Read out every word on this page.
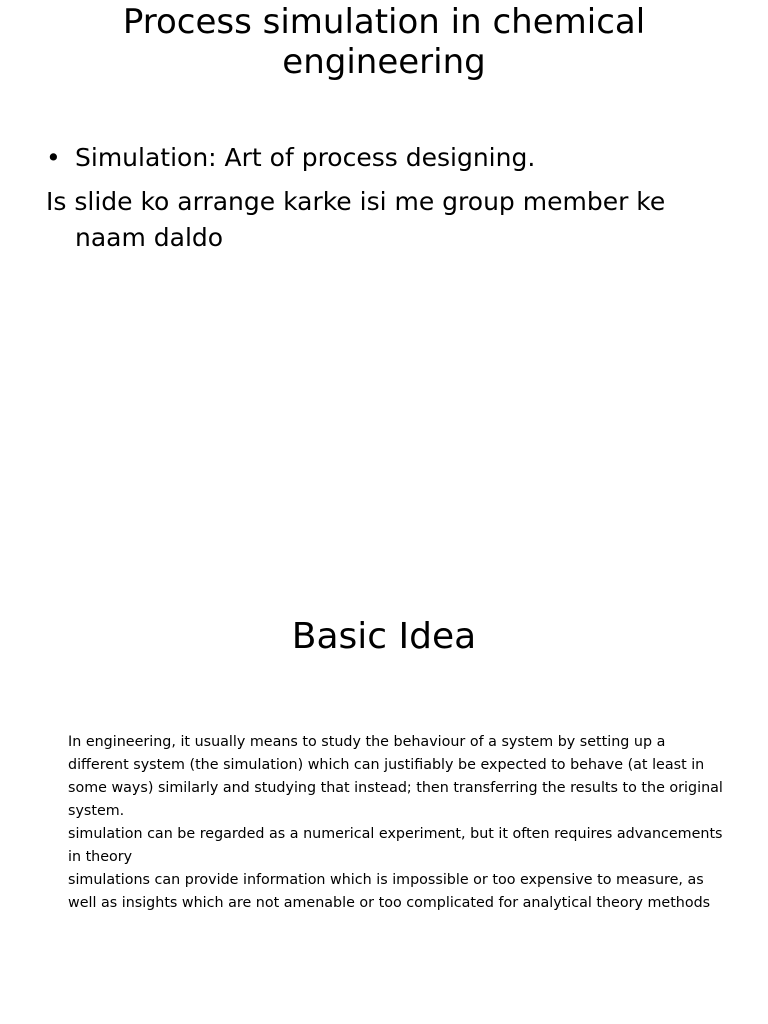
Process simulation in chemical engineering
• Simulation: Art of process designing.
Is slide ko arrange karke isi me group member ke naam daldo
Basic Idea

In engineering, it usually means to study the behaviour of a system by setting up a different system (the simulation) which can justifiably be expected to behave (at least in some ways) similarly and studying that instead; then transferring the results to the original system.

simulation can be regarded as a numerical experiment, but it often requires advancements in theory

simulations can provide information which is impossible or too expensive to measure, as well as insights which are not amenable or too complicated for analytical theory methods
